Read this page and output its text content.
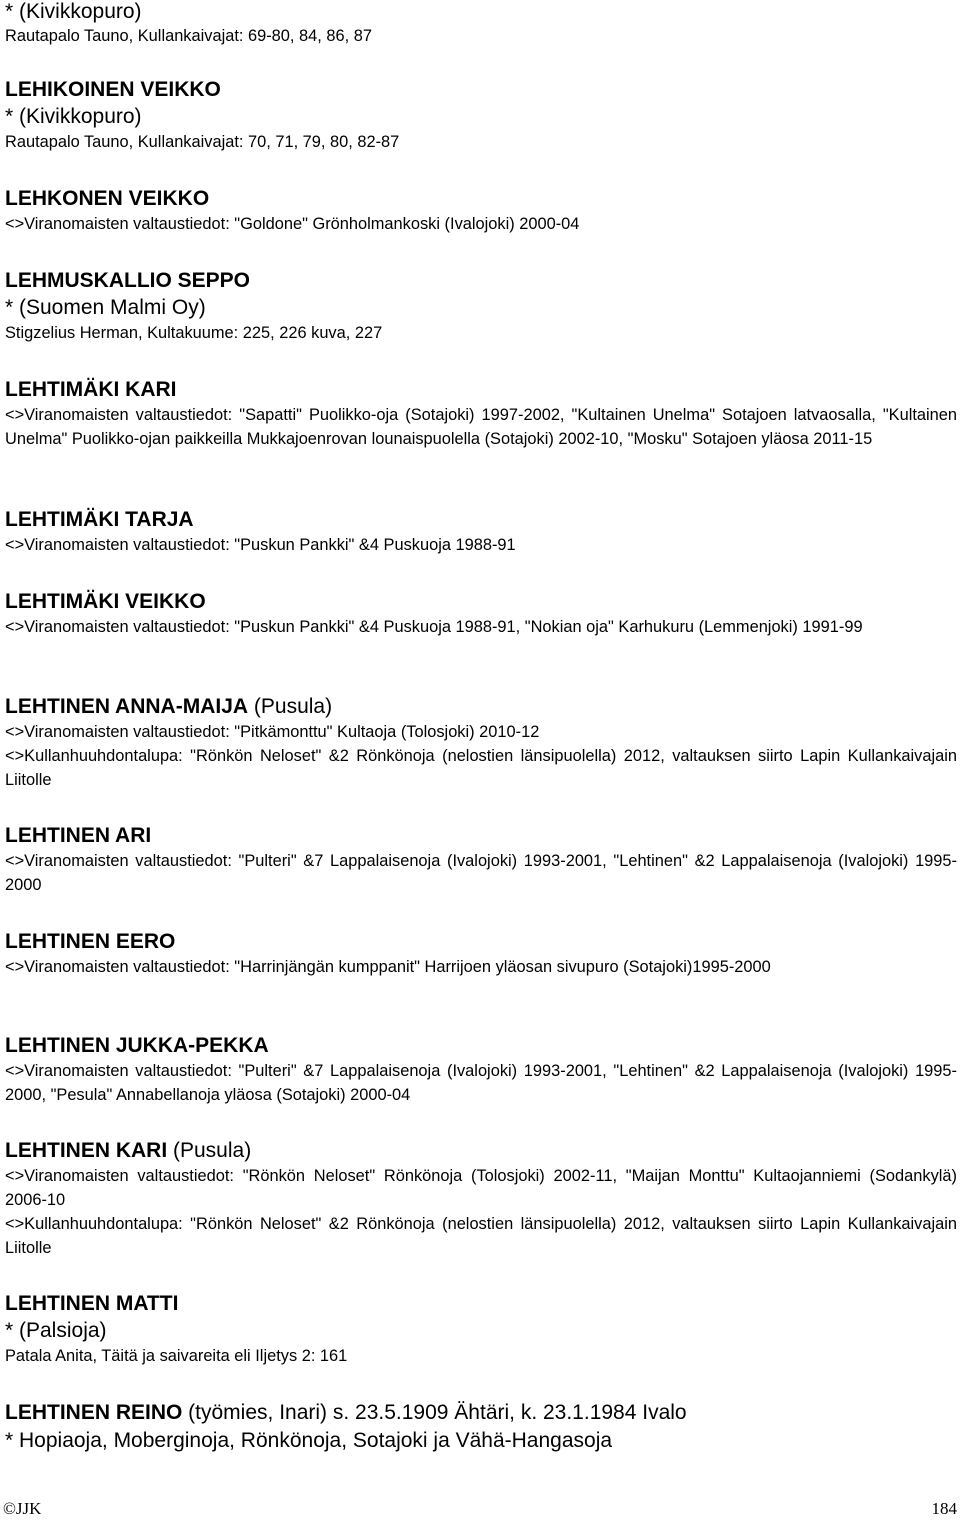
* (Kivikkopuro)

Rautapalo Tauno, Kullankaivajat: 69-80, 84, 86, 87

LEHIKOINEN VEIKKO

* (Kivikkopuro)

Rautapalo Tauno, Kullankaivajat: 70, 71, 79, 80, 82-87

LEHKONEN VEIKKO

<>Viranomaisten valtaustiedot: "Goldone" Grönholmankoski (Ivalojoki) 2000-04

LEHMUSKALLIO SEPPO

* (Suomen Malmi Oy)

Stigzelius Herman, Kultakuume: 225, 226 kuva, 227

LEHTIMÄKI KARI

<>Viranomaisten valtaustiedot: "Sapatti" Puolikko-oja (Sotajoki) 1997-2002, "Kultainen Unelma" Sotajoen latvaosalla, "Kultainen Unelma" Puolikko-ojan paikkeilla Mukkajoenrovan lounaispuolella (Sotajoki) 2002-10, "Mosku" Sotajoen yläosa 2011-15

LEHTIMÄKI TARJA

<>Viranomaisten valtaustiedot: "Puskun Pankki" &4 Puskuoja 1988-91

LEHTIMÄKI VEIKKO

<>Viranomaisten valtaustiedot: "Puskun Pankki" &4 Puskuoja 1988-91, "Nokian oja" Karhukuru (Lemmenjoki) 1991-99

LEHTINEN ANNA-MAIJA (Pusula)

<>Viranomaisten valtaustiedot: "Pitkämonttu" Kultaoja (Tolosjoki) 2010-12

<>Kullanhuuhdontalupa: "Rönkön Neloset" &2 Rönkönoja (nelostien länsipuolella) 2012, valtauksen siirto Lapin Kullankaivajain Liitolle

LEHTINEN ARI

<>Viranomaisten valtaustiedot: "Pulteri" &7 Lappalaisenoja (Ivalojoki) 1993-2001, "Lehtinen" &2 Lappalaisenoja (Ivalojoki) 1995-2000

LEHTINEN EERO

<>Viranomaisten valtaustiedot: "Harrinjängän kumppanit" Harrijoen yläosan sivupuro (Sotajoki)1995-2000

LEHTINEN JUKKA-PEKKA

<>Viranomaisten valtaustiedot: "Pulteri" &7 Lappalaisenoja (Ivalojoki) 1993-2001, "Lehtinen" &2 Lappalaisenoja (Ivalojoki) 1995-2000, "Pesula" Annabellanoja yläosa (Sotajoki) 2000-04

LEHTINEN KARI (Pusula)

<>Viranomaisten valtaustiedot: "Rönkön Neloset" Rönkönoja (Tolosjoki) 2002-11, "Maijan Monttu" Kultaojanniemi (Sodankylä) 2006-10

<>Kullanhuuhdontalupa: "Rönkön Neloset" &2 Rönkönoja (nelostien länsipuolella) 2012, valtauksen siirto Lapin Kullankaivajain Liitolle

LEHTINEN MATTI

* (Palsioja)

Patala Anita, Täitä ja saivareita eli Iljetys 2: 161

LEHTINEN REINO (työmies, Inari) s. 23.5.1909 Ähtäri, k. 23.1.1984 Ivalo

* Hopiaoja, Moberginoja, Rönkönoja, Sotajoki ja Vähä-Hangasoja

©JJK	184
